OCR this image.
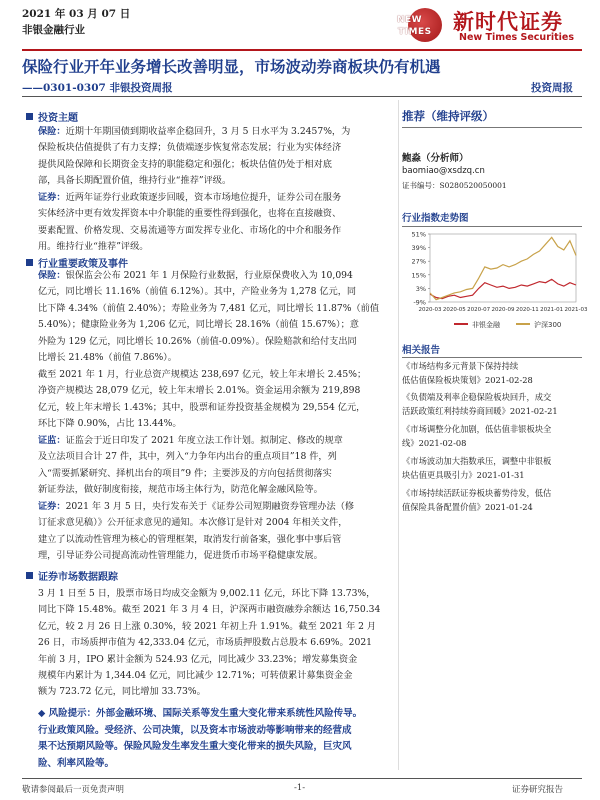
2021 年 03 月 07 日
非银金融行业
NEW
TIMES 新时代证券
New Times Securities
保险行业开年业务增长改善明显，市场波动券商板块仍有机遇
——0301-0307 非银投资周报	投资周报
投资主题
保险：近期十年期国债到期收益率企稳回升，3 月 5 日水平为 3.2457%，为
保险板块估值提供了有力支撑；负债端逐步恢复常态发展；行业为实体经济
提供风险保障和长期资金支持的职能稳定和强化；板块估值仍处于相对底
部，具备长期配置价值，维持行业“推荐”评级。
证券：近两年证券行业政策逐步回暖，资本市场地位提升，证券公司在服务
实体经济中更有效发挥资本中介职能的重要性得到强化，也将在直接融资、
要素配置、价格发现、交易流通等方面发挥专业化、市场化的中介和服务作
用。维持行业“推荐”评级。
行业重要政策及事件
保险：银保监会公布 2021 年 1 月保险行业数据，行业原保费收入为 10,094
亿元，同比增长 11.16%（前值 6.12%）。其中，产险业务为 1,278 亿元，同
比下降 4.34%（前值 2.40%）；寿险业务为 7,481 亿元，同比增长 11.87%（前值
5.40%）；健康险业务为 1,206 亿元，同比增长 28.16%（前值 15.67%）；意
外险为 129 亿元，同比增长 10.26%（前值-0.09%）。保险赔款和给付支出同
比增长 21.48%（前值 7.86%）。
截至 2021 年 1 月，行业总资产规模达 238,697 亿元，较上年末增长 2.45%；
净资产规模达 28,079 亿元，较上年末增长 2.01%。资金运用余额为 219,898
亿元，较上年末增长 1.43%；其中，股票和证券投资基金规模为 29,554 亿元，
环比下降 0.90%，占比 13.44%。
证监：证监会于近日印发了 2021 年度立法工作计划。拟制定、修改的规章
及立法项目合计 27 件，其中，列入“力争年内出台的重点项目”18 件，列
入“需要抓紧研究、择机出台的项目”9 件；主要涉及的方向包括贯彻落实
新证券法，做好制度衔接，规范市场主体行为，防范化解金融风险等。
证券：2021 年 3 月 5 日，央行发布关于《证券公司短期融资券管理办法（修
订征求意见稿）》公开征求意见的通知。本次修订是针对 2004 年相关文件，
建立了以流动性管理为核心的管理框架，取消发行前备案，强化事中事后管
理，引导证券公司提高流动性管理能力，促进货币市场平稳健康发展。
证券市场数据跟踪
3 月 1 日至 5 日，股票市场日均成交金额为 9,002.11 亿元，环比下降 13.73%，
同比下降 15.48%。截至 2021 年 3 月 4 日，沪深两市融资融券余额达 16,750.34
亿元，较 2 月 26 日上涨 0.30%，较 2021 年初上升 1.91%。截至 2021 年 2 月
26 日，市场质押市值为 42,333.04 亿元，市场质押股数占总股本 6.69%。2021
年前 3 月，IPO 累计金额为 524.93 亿元，同比减少 33.23%；增发募集资金
规模年内累计为 1,344.04 亿元，同比减少 12.71%；可转债累计募集资金金
额为 723.72 亿元，同比增加 33.73%。
◆ 风险提示：外部金融环境、国际关系等发生重大变化带来系统性风险传导。
行业政策风险。受经济、公司决策，以及资本市场波动等影响带来的经营成
果不达预期风险等。保险风险发生率发生重大变化带来的损失风险，巨灾风
险、利率风险等。
推荐（维持评级）
鲍淼（分析师）
baomiao@xsdzq.cn
证书编号：S0280520050001
行业指数走势图
-9%
3%
15%
27%
39%
51%
2020-03 2020-05 2020-07 2020-09 2020-11 2021-01 2021-03
非银金融	沪深300
相关报告
《市场结构多元背景下保持持续
低估值保险板块策划》2021-02-28
《负债端及利率企稳保险板块回升，成交
活跃政策红利持续券商回暖》2021-02-21
《市场调整分化加剧，低估值非银板块全
线》2021-02-08
《市场波动加大指数承压，调整中非银板
块估值更具吸引力》2021-01-31
《市场持续活跃证券板块蓄势待发，低估
值保险具备配置价值》2021-01-24
敬请参阅最后一页免责声明	-1-	证券研究报告
